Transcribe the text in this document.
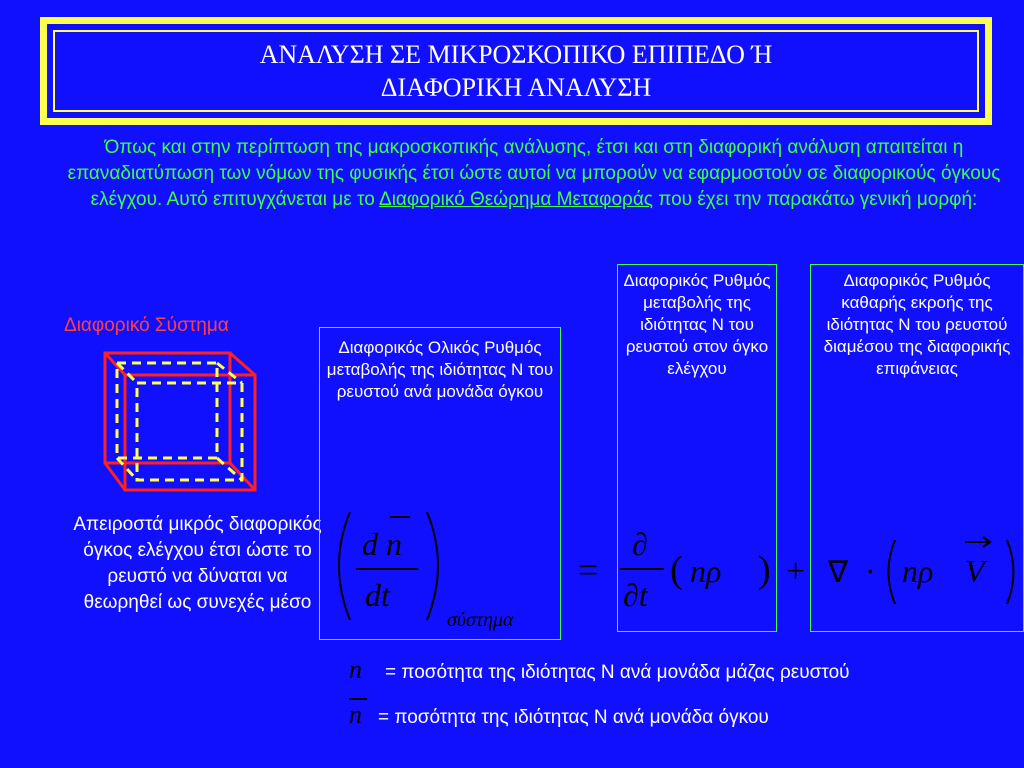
ΑΝΑΛΥΣΗ ΣΕ ΜΙΚΡΟΣΚΟΠΙΚΟ ΕΠΙΠΕΔΟ Ή
ΔΙΑΦΟΡΙΚΗ ΑΝΑΛΥΣΗ
Όπως και στην περίπτωση της μακροσκοπικής ανάλυσης, έτσι και στη διαφορική ανάλυση απαιτείται η επαναδιατύπωση των νόμων της φυσικής έτσι ώστε αυτοί να μπορούν να εφαρμοστούν σε διαφορικούς όγκους ελέγχου. Αυτό επιτυγχάνεται με το Διαφορικό Θεώρημα Μεταφοράς που έχει την παρακάτω γενική μορφή:
Διαφορικό Σύστημα
Απειροστά μικρός διαφορικός όγκος ελέγχου έτσι ώστε το ρευστό να δύναται να θεωρηθεί ως συνεχές μέσο
Διαφορικός Ολικός Ρυθμός μεταβολής της ιδιότητας Ν του ρευστού ανά μονάδα όγκου
Διαφορικός Ρυθμός μεταβολής της ιδιότητας Ν του ρευστού στον όγκο ελέγχου
Διαφορικός Ρυθμός καθαρής εκροής της ιδιότητας Ν του ρευστού διαμέσου της διαφορικής επιφάνειας
d n
dt
σύστημα
=
∂
∂t
( nρ ) + ∇ · nρ V
n = ποσότητα της ιδιότητας Ν ανά μονάδα μάζας ρευστού
n = ποσότητα της ιδιότητας Ν ανά μονάδα όγκου
